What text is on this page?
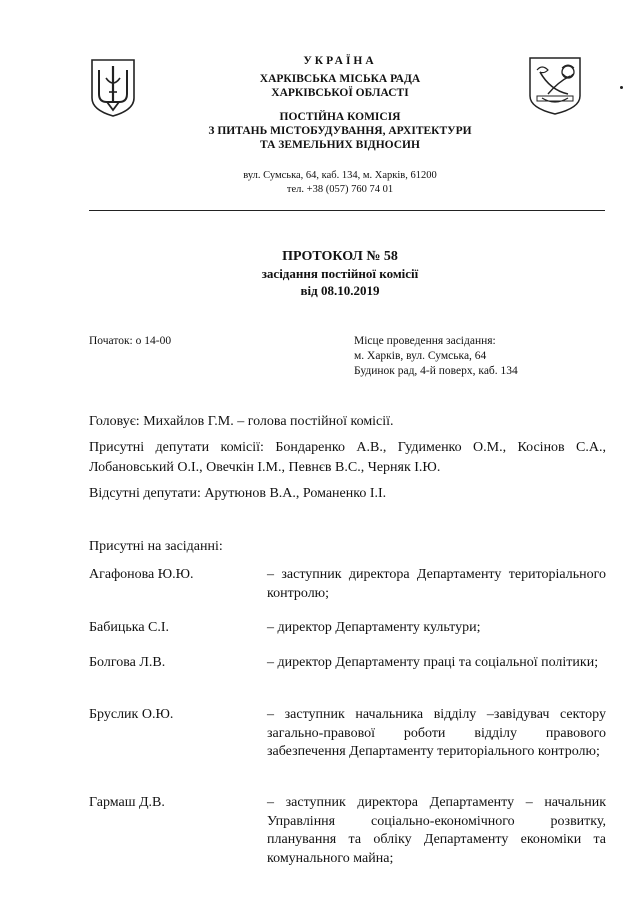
УКРАЇНА
ХАРКІВСЬКА МІСЬКА РАДА
ХАРКІВСЬКОЇ ОБЛАСТІ
ПОСТІЙНА КОМІСІЯ
З ПИТАНЬ МІСТОБУДУВАННЯ, АРХІТЕКТУРИ
ТА ЗЕМЕЛЬНИХ ВІДНОСИН
вул. Сумська, 64, каб. 134, м. Харків, 61200
тел. +38 (057) 760 74 01
ПРОТОКОЛ № 58
засідання постійної комісії
від 08.10.2019
Початок: о 14-00	Місце проведення засідання:
м. Харків, вул. Сумська, 64
Будинок рад, 4-й поверх, каб. 134
Головує: Михайлов Г.М. – голова постійної комісії.
Присутні депутати комісії: Бондаренко А.В., Гудименко О.М., Косінов С.А., Лобановський О.І., Овечкін І.М., Певнєв В.С., Черняк І.Ю.
Відсутні депутати: Арутюнов В.А., Романенко І.І.
Присутні на засіданні:
Агафонова Ю.Ю.	– заступник директора Департаменту територіального контролю;
Бабицька С.І.	– директор Департаменту культури;
Болгова Л.В.	– директор Департаменту праці та соціальної політики;
Бруслик О.Ю.	– заступник начальника відділу –завідувач сектору загально-правової роботи відділу правового забезпечення Департаменту територіального контролю;
Гармаш Д.В.	– заступник директора Департаменту – начальник Управління соціально-економічного розвитку, планування та обліку Департаменту економіки та комунального майна;
